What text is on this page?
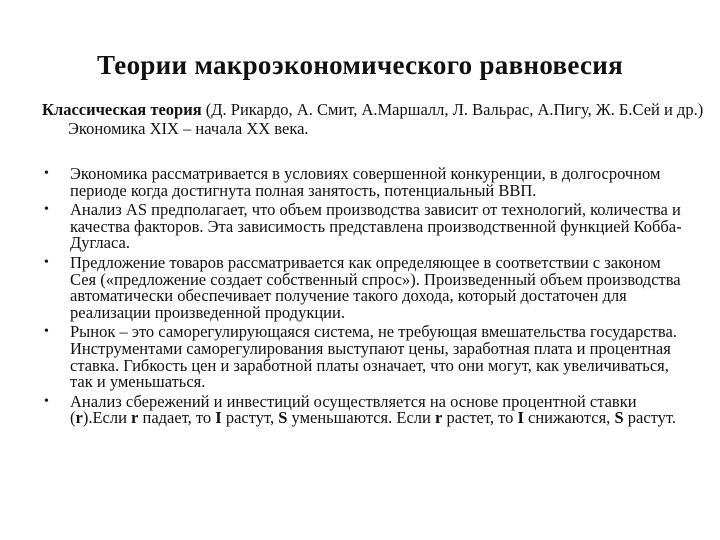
Теории макроэкономического равновесия
Классическая теория (Д. Рикардо, А. Смит, А.Маршалл, Л. Вальрас, А.Пигу, Ж. Б.Сей и др.) Экономика XIX – начала XX века.
• Экономика рассматривается в условиях совершенной конкуренции, в долгосрочном периоде когда достигнута полная занятость, потенциальный ВВП.
• Анализ AS предполагает, что объем производства зависит от технологий, количества и качества факторов. Эта зависимость представлена производственной функцией Кобба-Дугласа.
• Предложение товаров рассматривается как определяющее в соответствии с законом Сея («предложение создает собственный спрос»). Произведенный объем производства автоматически обеспечивает получение такого дохода, который достаточен для реализации произведенной продукции.
• Рынок – это саморегулирующаяся система, не требующая вмешательства государства. Инструментами саморегулирования выступают цены, заработная плата и процентная ставка. Гибкость цен и заработной платы означает, что они могут, как увеличиваться, так и уменьшаться.
• Анализ сбережений и инвестиций осуществляется на основе процентной ставки (r).Если r падает, то I растут, S уменьшаются. Если r растет, то I снижаются, S растут.
